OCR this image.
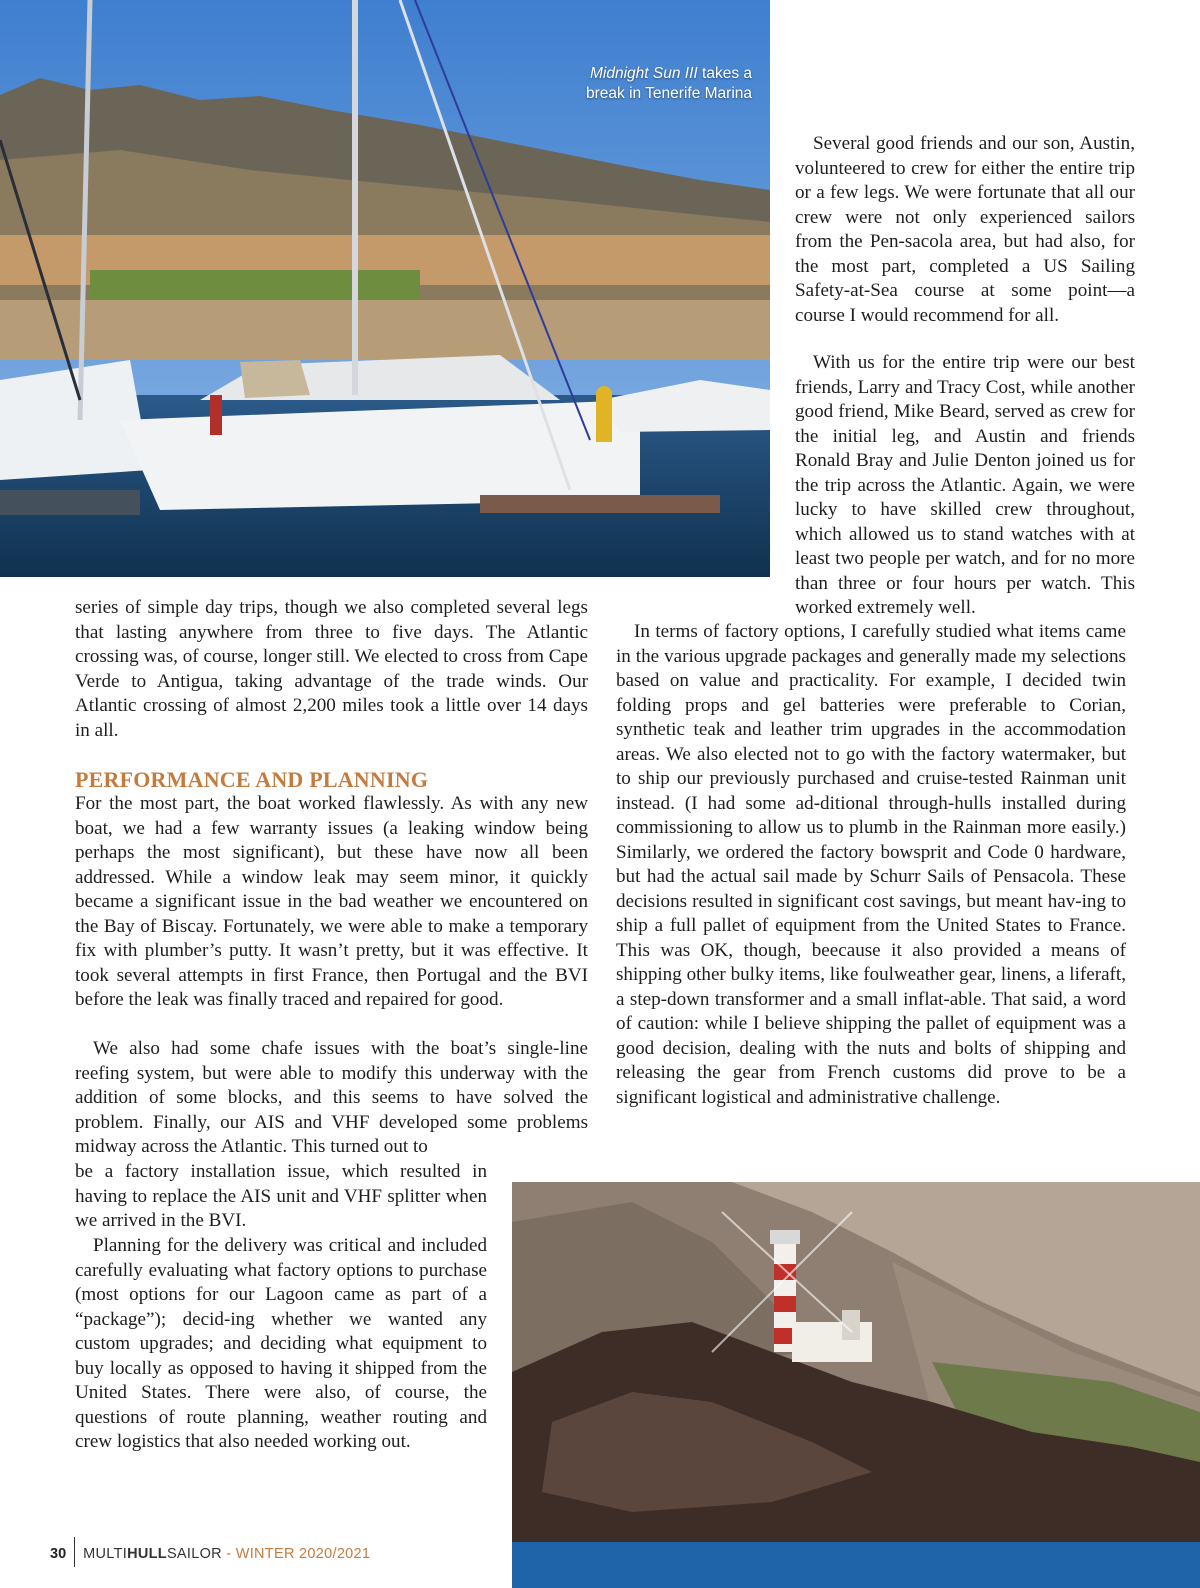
Midnight Sun III takes a
break in Tenerife Marina

Several good friends and our son, Austin, volunteered to crew for either the entire trip or a few legs. We were fortunate that all our crew were not only experienced sailors from the Pen-sacola area, but had also, for the most part, completed a US Sailing Safety-at-Sea course at some point—a course I would recommend for all.

With us for the entire trip were our best friends, Larry and Tracy Cost, while another good friend, Mike Beard, served as crew for the initial leg, and Austin and friends Ronald Bray and Julie Denton joined us for the trip across the Atlantic. Again, we were lucky to have skilled crew throughout, which allowed us to stand watches with at least two people per watch, and for no more than three or four hours per watch. This worked extremely well.

In terms of factory options, I carefully studied what items came in the various upgrade packages and generally made my selections based on value and practicality. For example, I decided twin folding props and gel batteries were preferable to Corian, synthetic teak and leather trim upgrades in the accommodation areas. We also elected not to go with the factory watermaker, but to ship our previously purchased and cruise-tested Rainman unit instead. (I had some ad-ditional through-hulls installed during commissioning to allow us to plumb in the Rainman more easily.) Similarly, we ordered the factory bowsprit and Code 0 hardware, but had the actual sail made by Schurr Sails of Pensacola. These decisions resulted in significant cost savings, but meant hav-ing to ship a full pallet of equipment from the United States to France. This was OK, though, beecause it also provided a means of shipping other bulky items, like foulweather gear, linens, a liferaft, a step-down transformer and a small inflat-able. That said, a word of caution: while I believe shipping the pallet of equipment was a good decision, dealing with the nuts and bolts of shipping and releasing the gear from French customs did prove to be a significant logistical and administrative challenge.

series of simple day trips, though we also completed several legs that lasting anywhere from three to five days. The Atlantic crossing was, of course, longer still. We elected to cross from Cape Verde to Antigua, taking advantage of the trade winds. Our Atlantic crossing of almost 2,200 miles took a little over 14 days in all.

PERFORMANCE AND PLANNING

For the most part, the boat worked flawlessly. As with any new boat, we had a few warranty issues (a leaking window being perhaps the most significant), but these have now all been addressed. While a window leak may seem minor, it quickly became a significant issue in the bad weather we encountered on the Bay of Biscay. Fortunately, we were able to make a temporary fix with plumber’s putty. It wasn’t pretty, but it was effective. It took several attempts in first France, then Portugal and the BVI before the leak was finally traced and repaired for good.

We also had some chafe issues with the boat’s single-line reefing system, but were able to modify this underway with the addition of some blocks, and this seems to have solved the problem. Finally, our AIS and VHF developed some problems midway across the Atlantic. This turned out to

be a factory installation issue, which resulted in having to replace the AIS unit and VHF splitter when we arrived in the BVI.

Planning for the delivery was critical and included carefully evaluating what factory options to purchase (most options for our Lagoon came as part of a “package”); decid-ing whether we wanted any custom upgrades; and deciding what equipment to buy locally as opposed to having it shipped from the United States. There were also, of course, the questions of route planning, weather routing and crew logistics that also needed working out.

30 MULTIHULLSAILOR - WINTER 2020/2021
